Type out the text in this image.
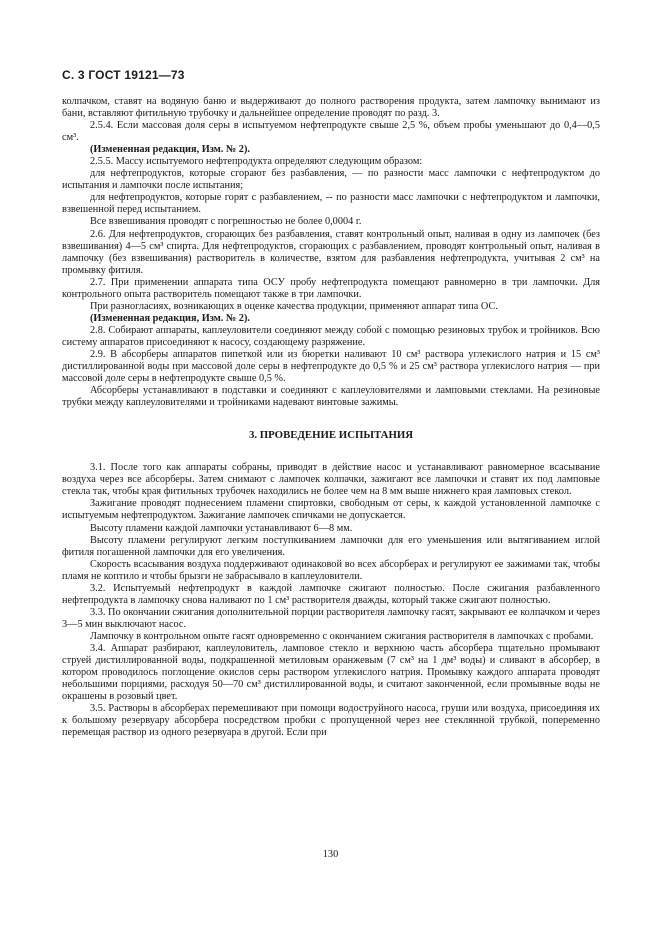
С. 3 ГОСТ 19121—73

колпачком, ставят на водяную баню и выдерживают до полного растворения продукта, затем лампочку вынимают из бани, вставляют фитильную трубочку и дальнейшее определение проводят по разд. 3.

2.5.4. Если массовая доля серы в испытуемом нефтепродукте свыше 2,5 %, объем пробы уменьшают до 0,4—0,5 см³.

(Измененная редакция, Изм. № 2).

2.5.5. Массу испытуемого нефтепродукта определяют следующим образом:

для нефтепродуктов, которые сгорают без разбавления, — по разности масс лампочки с нефтепродуктом до испытания и лампочки после испытания;

для нефтепродуктов, которые горят с разбавлением, -- по разности масс лампочки с нефтепродуктом и лампочки, взвешенной перед испытанием.

Все взвешивания проводят с погрешностью не более 0,0004 г.

2.6. Для нефтепродуктов, сгорающих без разбавления, ставят контрольный опыт, наливая в одну из лампочек (без взвешивания) 4—5 см³ спирта. Для нефтепродуктов, сгорающих с разбавлением, проводят контрольный опыт, наливая в лампочку (без взвешивания) растворитель в количестве, взятом для разбавления нефтепродукта, учитывая 2 см³ на промывку фитиля.

2.7. При применении аппарата типа ОСУ пробу нефтепродукта помещают равномерно в три лампочки. Для контрольного опыта растворитель помещают также в три лампочки.

При разногласиях, возникающих в оценке качества продукции, применяют аппарат типа ОС.

(Измененная редакция, Изм. № 2).

2.8. Собирают аппараты, каплеуловители соединяют между собой с помощью резиновых трубок и тройников. Всю систему аппаратов присоединяют к насосу, создающему разряжение.

2.9. В абсорберы аппаратов пипеткой или из бюретки наливают 10 см³ раствора углекислого натрия и 15 см³ дистиллированной воды при массовой доле серы в нефтепродукте до 0,5 % и 25 см³ раствора углекислого натрия — при массовой доле серы в нефтепродукте свыше 0,5 %.

Абсорберы устанавливают в подставки и соединяют с каплеуловителями и ламповыми стеклами. На резиновые трубки между каплеуловителями и тройниками надевают винтовые зажимы.

3. ПРОВЕДЕНИЕ ИСПЫТАНИЯ

3.1. После того как аппараты собраны, приводят в действие насос и устанавливают равномерное всасывание воздуха через все абсорберы. Затем снимают с лампочек колпачки, зажигают все лампочки и ставят их под ламповые стекла так, чтобы края фитильных трубочек находились не более чем на 8 мм выше нижнего края ламповых стекол.

Зажигание проводят поднесением пламени спиртовки, свободным от серы, к каждой установленной лампочке с испытуемым нефтепродуктом. Зажигание лампочек спичками не допускается.

Высоту пламени каждой лампочки устанавливают 6—8 мм.

Высоту пламени регулируют легким поступкиванием лампочки для его уменьшения или вытягиванием иглой фитиля погашенной лампочки для его увеличения.

Скорость всасывания воздуха поддерживают одинаковой во всех абсорберах и регулируют ее зажимами так, чтобы пламя не коптило и чтобы брызги не забрасывало в каплеуловители.

3.2. Испытуемый нефтепродукт в каждой лампочке сжигают полностью. После сжигания разбавленного нефтепродукта в лампочку снова наливают по 1 см³ растворителя дважды, который также сжигают полностью.

3.3. По окончании сжигания дополнительной порции растворителя лампочку гасят, закрывают ее колпачком и через 3—5 мин выключают насос.

Лампочку в контрольном опыте гасят одновременно с окончанием сжигания растворителя в лампочках с пробами.

3.4. Аппарат разбирают, каплеуловитель, ламповое стекло и верхнюю часть абсорбера тщательно промывают струей дистиллированной воды, подкрашенной метиловым оранжевым (7 см³ на 1 дм³ воды) и сливают в абсорбер, в котором проводилось поглощение окислов серы раствором углекислого натрия. Промывку каждого аппарата проводят небольшими порциями, расходуя 50—70 см³ дистиллированной воды, и считают законченной, если промывные воды не окрашены в розовый цвет.

3.5. Растворы в абсорберах перемешивают при помощи водоструйного насоса, груши или воздуха, присоединяя их к большому резервуару абсорбера посредством пробки с пропущенной через нее стеклянной трубкой, попеременно перемещая раствор из одного резервуара в другой. Если при

130
